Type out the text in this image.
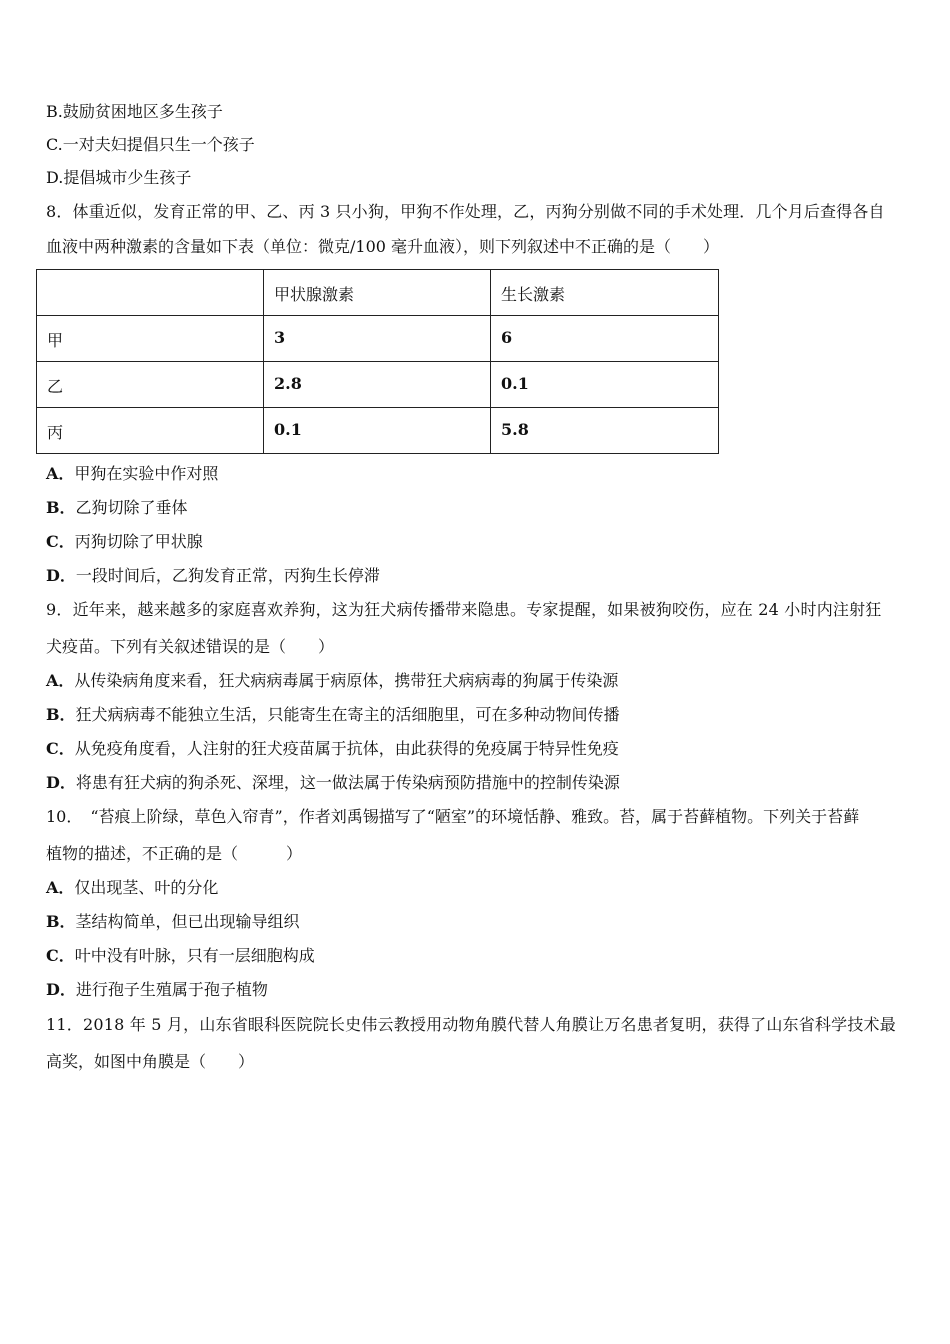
B.鼓励贫困地区多生孩子
C.一对夫妇提倡只生一个孩子
D.提倡城市少生孩子
8．体重近似，发育正常的甲、乙、丙 3 只小狗，甲狗不作处理，乙，丙狗分别做不同的手术处理．几个月后查得各自
血液中两种激素的含量如下表（单位：微克/100 毫升血液），则下列叙述中不正确的是（　　）
	甲状腺激素	生长激素
甲	3	6
乙	2.8	0.1
丙	0.1	5.8
A．甲狗在实验中作对照
B．乙狗切除了垂体
C．丙狗切除了甲状腺
D．一段时间后，乙狗发育正常，丙狗生长停滞
9．近年来，越来越多的家庭喜欢养狗，这为狂犬病传播带来隐患。专家提醒，如果被狗咬伤，应在 24 小时内注射狂
犬疫苗。下列有关叙述错误的是（　　）
A．从传染病角度来看，狂犬病病毒属于病原体，携带狂犬病病毒的狗属于传染源
B．狂犬病病毒不能独立生活，只能寄生在寄主的活细胞里，可在多种动物间传播
C．从免疫角度看，人注射的狂犬疫苗属于抗体，由此获得的免疫属于特异性免疫
D．将患有狂犬病的狗杀死、深埋，这一做法属于传染病预防措施中的控制传染源
10．　“苔痕上阶绿，草色入帘青”，作者刘禹锡描写了“陋室”的环境恬静、雅致。苔，属于苔藓植物。下列关于苔藓
植物的描述，不正确的是（　　　）
A．仅出现茎、叶的分化
B．茎结构简单，但已出现输导组织
C．叶中没有叶脉，只有一层细胞构成
D．进行孢子生殖属于孢子植物
11．2018 年 5 月，山东省眼科医院院长史伟云教授用动物角膜代替人角膜让万名患者复明，获得了山东省科学技术最
高奖，如图中角膜是（　　）
